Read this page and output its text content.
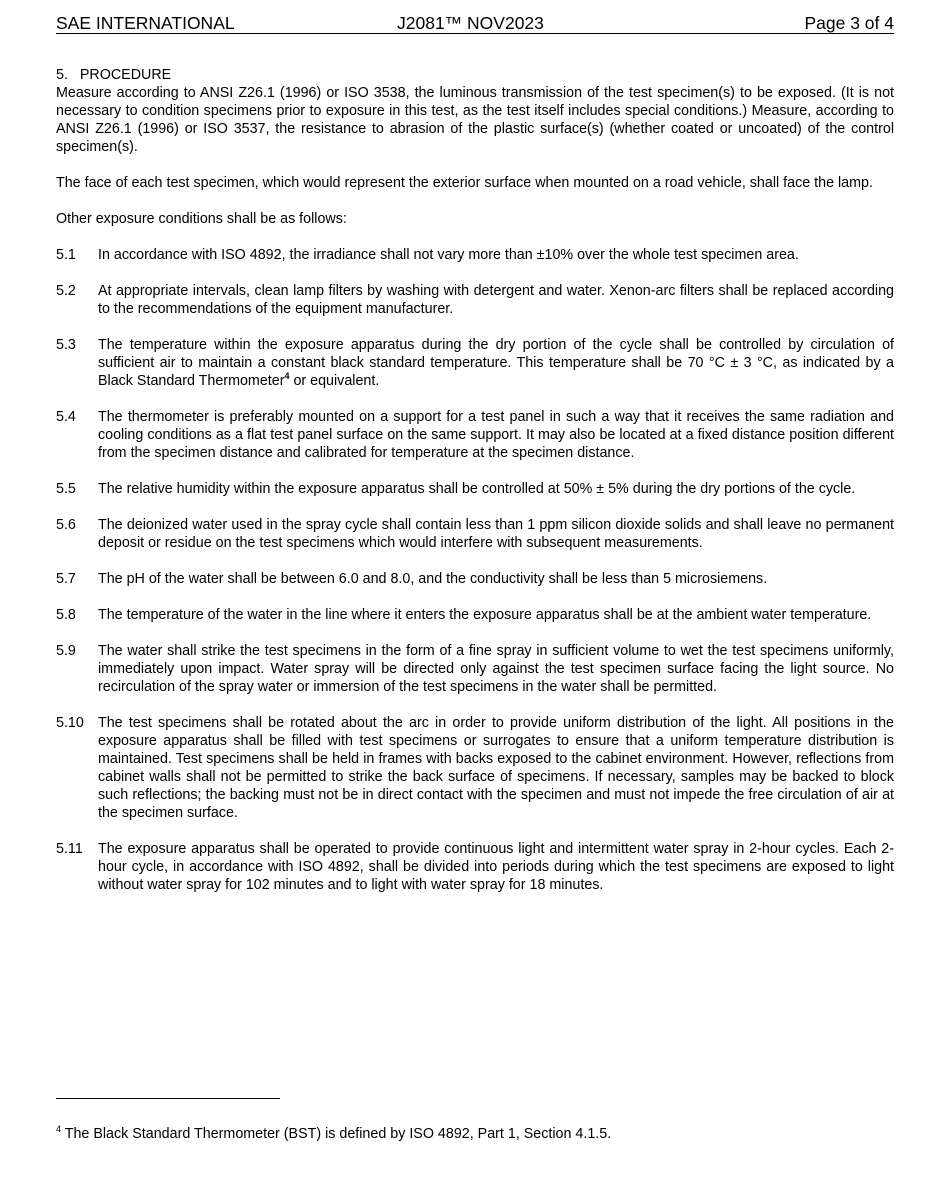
SAE INTERNATIONAL	J2081™ NOV2023	Page 3 of 4

5. PROCEDURE

Measure according to ANSI Z26.1 (1996) or ISO 3538, the luminous transmission of the test specimen(s) to be exposed. (It is not necessary to condition specimens prior to exposure in this test, as the test itself includes special conditions.) Measure, according to ANSI Z26.1 (1996) or ISO 3537, the resistance to abrasion of the plastic surface(s) (whether coated or uncoated) of the control specimen(s).

The face of each test specimen, which would represent the exterior surface when mounted on a road vehicle, shall face the lamp.

Other exposure conditions shall be as follows:

5.1	In accordance with ISO 4892, the irradiance shall not vary more than ±10% over the whole test specimen area.
5.2	At appropriate intervals, clean lamp filters by washing with detergent and water. Xenon-arc filters shall be replaced according to the recommendations of the equipment manufacturer.
5.3	The temperature within the exposure apparatus during the dry portion of the cycle shall be controlled by circulation of sufficient air to maintain a constant black standard temperature. This temperature shall be 70 °C ± 3 °C, as indicated by a Black Standard Thermometer$^4$ or equivalent.
5.4	The thermometer is preferably mounted on a support for a test panel in such a way that it receives the same radiation and cooling conditions as a flat test panel surface on the same support. It may also be located at a fixed distance position different from the specimen distance and calibrated for temperature at the specimen distance.
5.5	The relative humidity within the exposure apparatus shall be controlled at 50% ± 5% during the dry portions of the cycle.
5.6	The deionized water used in the spray cycle shall contain less than 1 ppm silicon dioxide solids and shall leave no permanent deposit or residue on the test specimens which would interfere with subsequent measurements.
5.7	The pH of the water shall be between 6.0 and 8.0, and the conductivity shall be less than 5 microsiemens.
5.8	The temperature of the water in the line where it enters the exposure apparatus shall be at the ambient water temperature.
5.9	The water shall strike the test specimens in the form of a fine spray in sufficient volume to wet the test specimens uniformly, immediately upon impact. Water spray will be directed only against the test specimen surface facing the light source. No recirculation of the spray water or immersion of the test specimens in the water shall be permitted.
5.10 The test specimens shall be rotated about the arc in order to provide uniform distribution of the light. All positions in the exposure apparatus shall be filled with test specimens or surrogates to ensure that a uniform temperature distribution is maintained. Test specimens shall be held in frames with backs exposed to the cabinet environment. However, reflections from cabinet walls shall not be permitted to strike the back surface of specimens. If necessary, samples may be backed to block such reflections; the backing must not be in direct contact with the specimen and must not impede the free circulation of air at the specimen surface.
5.11	The exposure apparatus shall be operated to provide continuous light and intermittent water spray in 2-hour cycles. Each 2-hour cycle, in accordance with ISO 4892, shall be divided into periods during which the test specimens are exposed to light without water spray for 102 minutes and to light with water spray for 18 minutes.
$^4$ The Black Standard Thermometer (BST) is defined by ISO 4892, Part 1, Section 4.1.5.
